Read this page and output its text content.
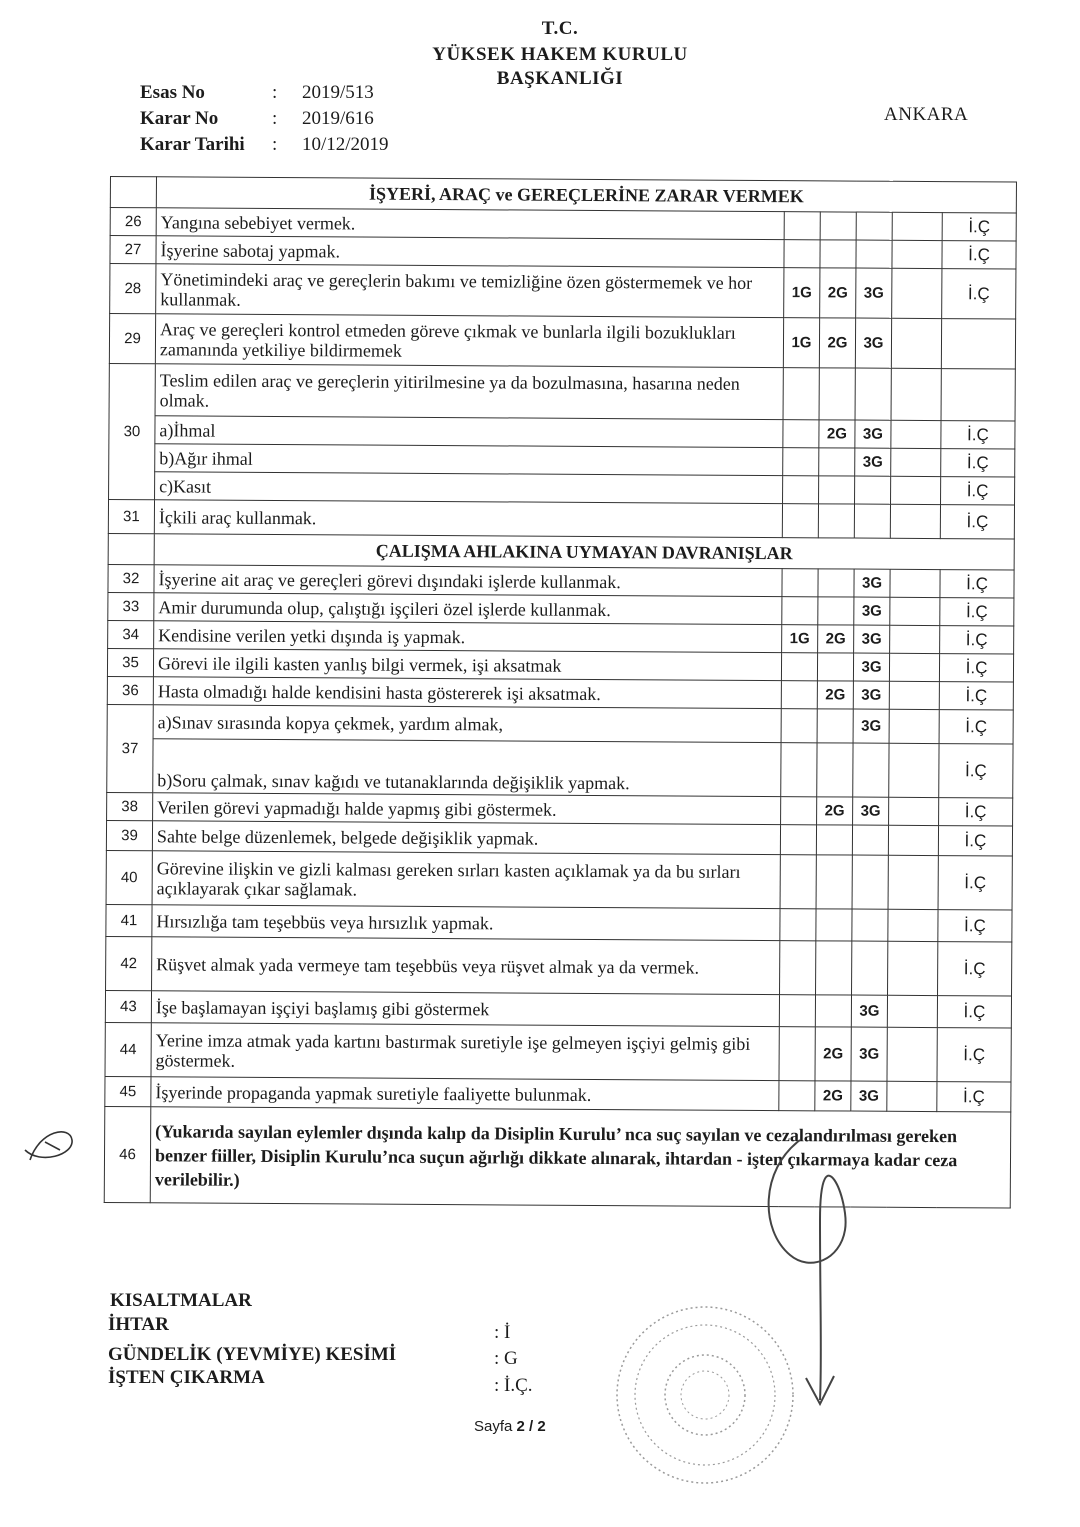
T.C.
YÜKSEK HAKEM KURULU
BAŞKANLIĞI
ANKARA
Esas No	: 2019/513
Karar No	: 2019/616
Karar Tarihi : 10/12/2019
	İŞYERİ, ARAÇ ve GEREÇLERİNE ZARAR VERMEK					
26	Yangına sebebiyet vermek.					İ.Ç
27	İşyerine sabotaj yapmak.					İ.Ç
28	Yönetimindeki araç ve gereçlerin bakımı ve temizliğine özen göstermemek ve hor kullanmak.	1G	2G	3G		İ.Ç
29	Araç ve gereçleri kontrol etmeden göreve çıkmak ve bunlarla ilgili bozuklukları zamanında yetkiliye bildirmemek	1G	2G	3G		
30	Teslim edilen araç ve gereçlerin yitirilmesine ya da bozulmasına, hasarına neden olmak.					
	a)İhmal		2G	3G		İ.Ç
	b)Ağır ihmal			3G		İ.Ç
	c)Kasıt					İ.Ç
31	İçkili araç kullanmak.					İ.Ç
	ÇALIŞMA AHLAKINA UYMAYAN DAVRANIŞLAR					
32	İşyerine ait araç ve gereçleri görevi dışındaki işlerde kullanmak.			3G		İ.Ç
33	Amir durumunda olup, çalıştığı işçileri özel işlerde kullanmak.			3G		İ.Ç
34	Kendisine verilen yetki dışında iş yapmak.	1G	2G	3G		İ.Ç
35	Görevi ile ilgili kasten yanlış bilgi vermek, işi aksatmak			3G		İ.Ç
36	Hasta olmadığı halde kendisini hasta göstererek işi aksatmak.		2G	3G		İ.Ç
37	a)Sınav sırasında kopya çekmek, yardım almak,			3G		İ.Ç
	b)Soru çalmak, sınav kağıdı ve tutanaklarında değişiklik yapmak.					İ.Ç
38	Verilen görevi yapmadığı halde yapmış gibi göstermek.		2G	3G		İ.Ç
39	Sahte belge düzenlemek, belgede değişiklik yapmak.					İ.Ç
40	Görevine ilişkin ve gizli kalması gereken sırları kasten açıklamak ya da bu sırları açıklayarak çıkar sağlamak.					İ.Ç
41	Hırsızlığa tam teşebbüs veya hırsızlık yapmak.					İ.Ç
42	Rüşvet almak yada vermeye tam teşebbüs veya rüşvet almak ya da vermek.					İ.Ç
43	İşe başlamayan işçiyi başlamış gibi göstermek			3G		İ.Ç
44	Yerine imza atmak yada kartını bastırmak suretiyle işe gelmeyen işçiyi gelmiş gibi göstermek.		2G	3G		İ.Ç
45	İşyerinde propaganda yapmak suretiyle faaliyette bulunmak.		2G	3G		İ.Ç
46	(Yukarıda sayılan eylemler dışında kalıp da Disiplin Kurulu’ nca suç sayılan ve cezalandırılması gereken benzer fiiller, Disiplin Kurulu’nca suçun ağırlığı dikkate alınarak, ihtardan - işten çıkarmaya kadar ceza verilebilir.)					
KISALTMALAR
İHTAR	: İ
GÜNDELİK (YEVMİYE) KESİMİ	: G
İŞTEN ÇIKARMA	: İ.Ç.
Sayfa 2 / 2
